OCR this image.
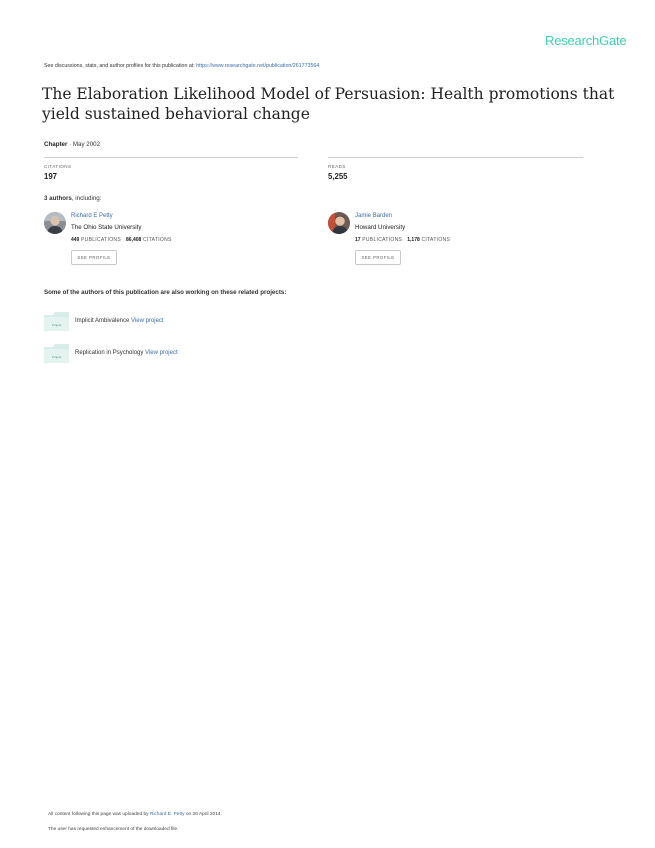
ResearchGate
See discussions, stats, and author profiles for this publication at: https://www.researchgate.net/publication/261773564
The Elaboration Likelihood Model of Persuasion: Health promotions that yield sustained behavioral change
Chapter · May 2002
CITATIONS
197
READS
5,255
3 authors, including:
Richard E Petty
The Ohio State University
449 PUBLICATIONS 86,408 CITATIONS
SEE PROFILE
Jamie Barden
Howard University
17 PUBLICATIONS 1,178 CITATIONS
SEE PROFILE
Some of the authors of this publication are also working on these related projects:
Project
Implicit Ambivalence View project
Project
Replication in Psychology View project
All content following this page was uploaded by Richard E. Petty on 26 April 2014.
The user has requested enhancement of the downloaded file.
